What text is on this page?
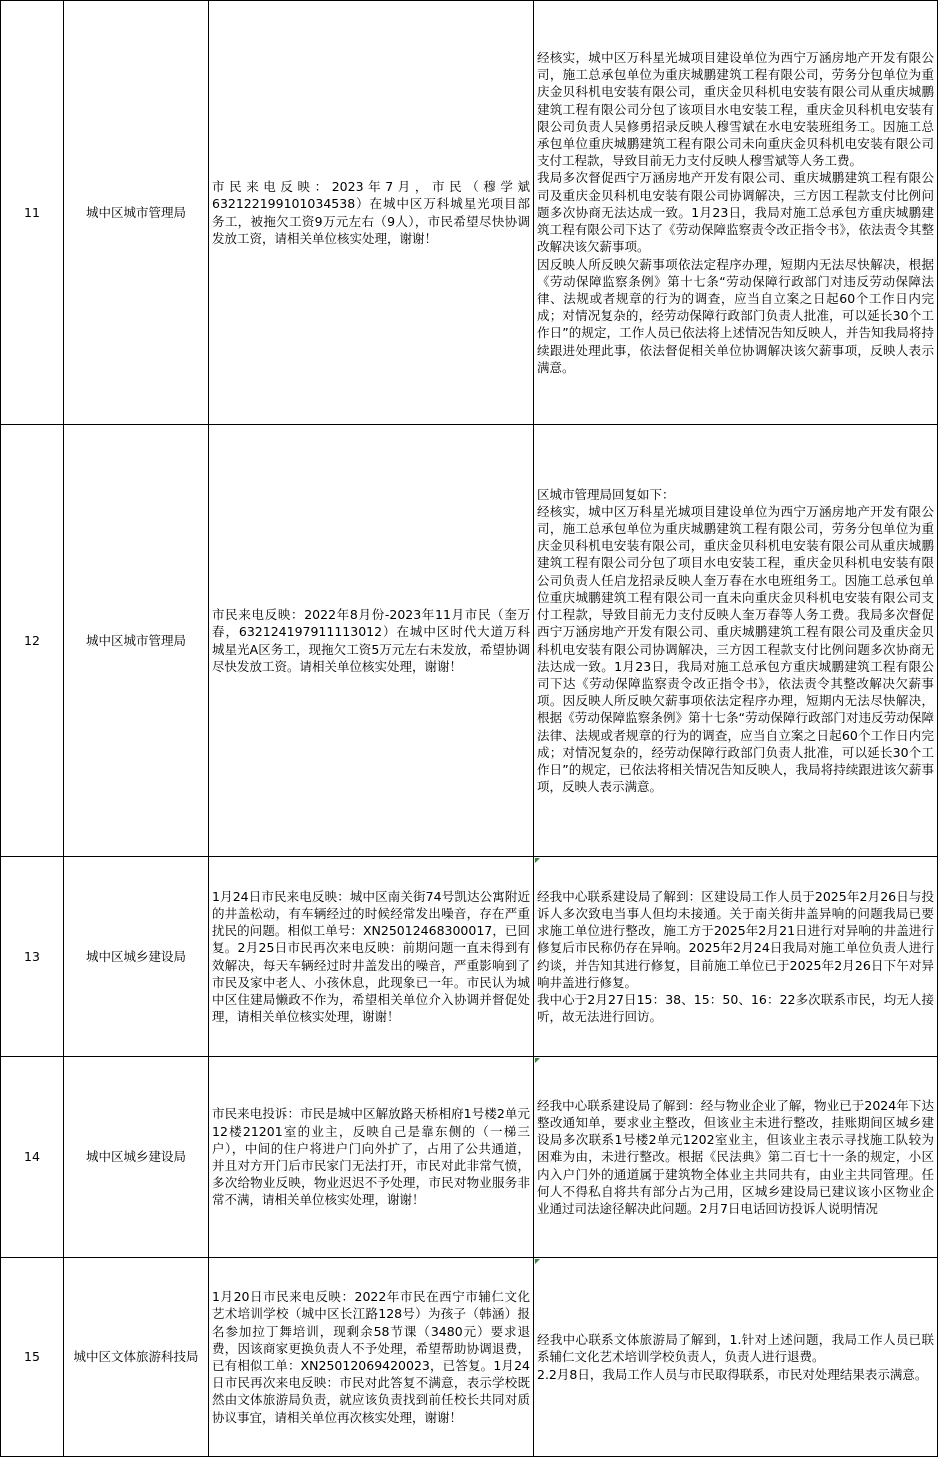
11	城中区城市管理局	市民来电反映：2023年7月，市民（穆学斌632122199101034538）在城中区万科城星光项目部务工，被拖欠工资9万元左右（9人），市民希望尽快协调发放工资，请相关单位核实处理，谢谢！	经核实，城中区万科星光城项目建设单位为西宁万涵房地产开发有限公司，施工总承包单位为重庆城鹏建筑工程有限公司，劳务分包单位为重庆金贝科机电安装有限公司，重庆金贝科机电安装有限公司从重庆城鹏建筑工程有限公司分包了该项目水电安装工程，重庆金贝科机电安装有限公司负责人吴修勇招录反映人穆雪斌在水电安装班组务工。因施工总承包单位重庆城鹏建筑工程有限公司未向重庆金贝科机电安装有限公司支付工程款，导致目前无力支付反映人穆雪斌等人务工费。

我局多次督促西宁万涵房地产开发有限公司、重庆城鹏建筑工程有限公司及重庆金贝科机电安装有限公司协调解决，三方因工程款支付比例问题多次协商无法达成一致。1月23日，我局对施工总承包方重庆城鹏建筑工程有限公司下达了《劳动保障监察责令改正指令书》，依法责令其整改解决该欠薪事项。

因反映人所反映欠薪事项依法定程序办理，短期内无法尽快解决，根据《劳动保障监察条例》第十七条“劳动保障行政部门对违反劳动保障法律、法规或者规章的行为的调查，应当自立案之日起60个工作日内完成；对情况复杂的，经劳动保障行政部门负责人批准，可以延长30个工作日”的规定，工作人员已依法将上述情况告知反映人，并告知我局将持续跟进处理此事，依法督促相关单位协调解决该欠薪事项，反映人表示满意。

12	城中区城市管理局	市民来电反映：2022年8月份-2023年11月市民（奎万春，632124197911113012）在城中区时代大道万科城星光A区务工，现拖欠工资5万元左右未发放，希望协调尽快发放工资。请相关单位核实处理，谢谢！	区城市管理局回复如下：

经核实，城中区万科星光城项目建设单位为西宁万涵房地产开发有限公司，施工总承包单位为重庆城鹏建筑工程有限公司，劳务分包单位为重庆金贝科机电安装有限公司，重庆金贝科机电安装有限公司从重庆城鹏建筑工程有限公司分包了项目水电安装工程，重庆金贝科机电安装有限公司负责人任启龙招录反映人奎万春在水电班组务工。因施工总承包单位重庆城鹏建筑工程有限公司一直未向重庆金贝科机电安装有限公司支付工程款，导致目前无力支付反映人奎万春等人务工费。我局多次督促西宁万涵房地产开发有限公司、重庆城鹏建筑工程有限公司及重庆金贝科机电安装有限公司协调解决，三方因工程款支付比例问题多次协商无法达成一致。1月23日，我局对施工总承包方重庆城鹏建筑工程有限公司下达《劳动保障监察责令改正指令书》，依法责令其整改解决欠薪事项。因反映人所反映欠薪事项依法定程序办理，短期内无法尽快解决，根据《劳动保障监察条例》第十七条“劳动保障行政部门对违反劳动保障法律、法规或者规章的行为的调查，应当自立案之日起60个工作日内完成；对情况复杂的，经劳动保障行政部门负责人批准，可以延长30个工作日”的规定，已依法将相关情况告知反映人，我局将持续跟进该欠薪事项，反映人表示满意。

13	城中区城乡建设局	1月24日市民来电反映：城中区南关街74号凯达公寓附近的井盖松动，有车辆经过的时候经常发出噪音，存在严重扰民的问题。相似工单号：XN25012468300017，已回复。2月25日市民再次来电反映：前期问题一直未得到有效解决，每天车辆经过时井盖发出的噪音，严重影响到了市民及家中老人、小孩休息，此现象已一年。市民认为城中区住建局懒政不作为，希望相关单位介入协调并督促处理，请相关单位核实处理，谢谢！	经我中心联系建设局了解到：区建设局工作人员于2025年2月26日与投诉人多次致电当事人但均未接通。关于南关街井盖异响的问题我局已要求施工单位进行整改，施工方于2025年2月21日进行对异响的井盖进行修复后市民称仍存在异响。2025年2月24日我局对施工单位负责人进行约谈，并告知其进行修复，目前施工单位已于2025年2月26日下午对异响井盖进行修复。

我中心于2月27日15：38、15：50、16：22多次联系市民，均无人接听，故无法进行回访。

14	城中区城乡建设局	市民来电投诉：市民是城中区解放路天桥相府1号楼2单元12楼21201室的业主，反映自己是靠东侧的（一梯三户），中间的住户将进户门向外扩了，占用了公共通道，并且对方开门后市民家门无法打开，市民对此非常气愤，多次给物业反映，物业迟迟不予处理，市民对物业服务非常不满，请相关单位核实处理，谢谢！	经我中心联系建设局了解到：经与物业企业了解，物业已于2024年下达整改通知单，要求业主整改，但该业主未进行整改，挂账期间区城乡建设局多次联系1号楼2单元1202室业主，但该业主表示寻找施工队较为困难为由，未进行整改。根据《民法典》第二百七十一条的规定，小区内入户门外的通道属于建筑物全体业主共同共有，由业主共同管理。任何人不得私自将共有部分占为己用，区城乡建设局已建议该小区物业企业通过司法途径解决此问题。2月7日电话回访投诉人说明情况

15	城中区文体旅游科技局	1月20日市民来电反映：2022年市民在西宁市辅仁文化艺术培训学校（城中区长江路128号）为孩子（韩涵）报名参加拉丁舞培训，现剩余58节课（3480元）要求退费，因该商家更换负责人不予处理，希望帮助协调退费，已有相似工单：XN25012069420023，已答复。1月24日市民再次来电反映：市民对此答复不满意，表示学校既然由文体旅游局负责，就应该负责找到前任校长共同对质协议事宜，请相关单位再次核实处理，谢谢！	经我中心联系文体旅游局了解到，1.针对上述问题，我局工作人员已联系辅仁文化艺术培训学校负责人，负责人进行退费。

2.2月8日，我局工作人员与市民取得联系，市民对处理结果表示满意。
